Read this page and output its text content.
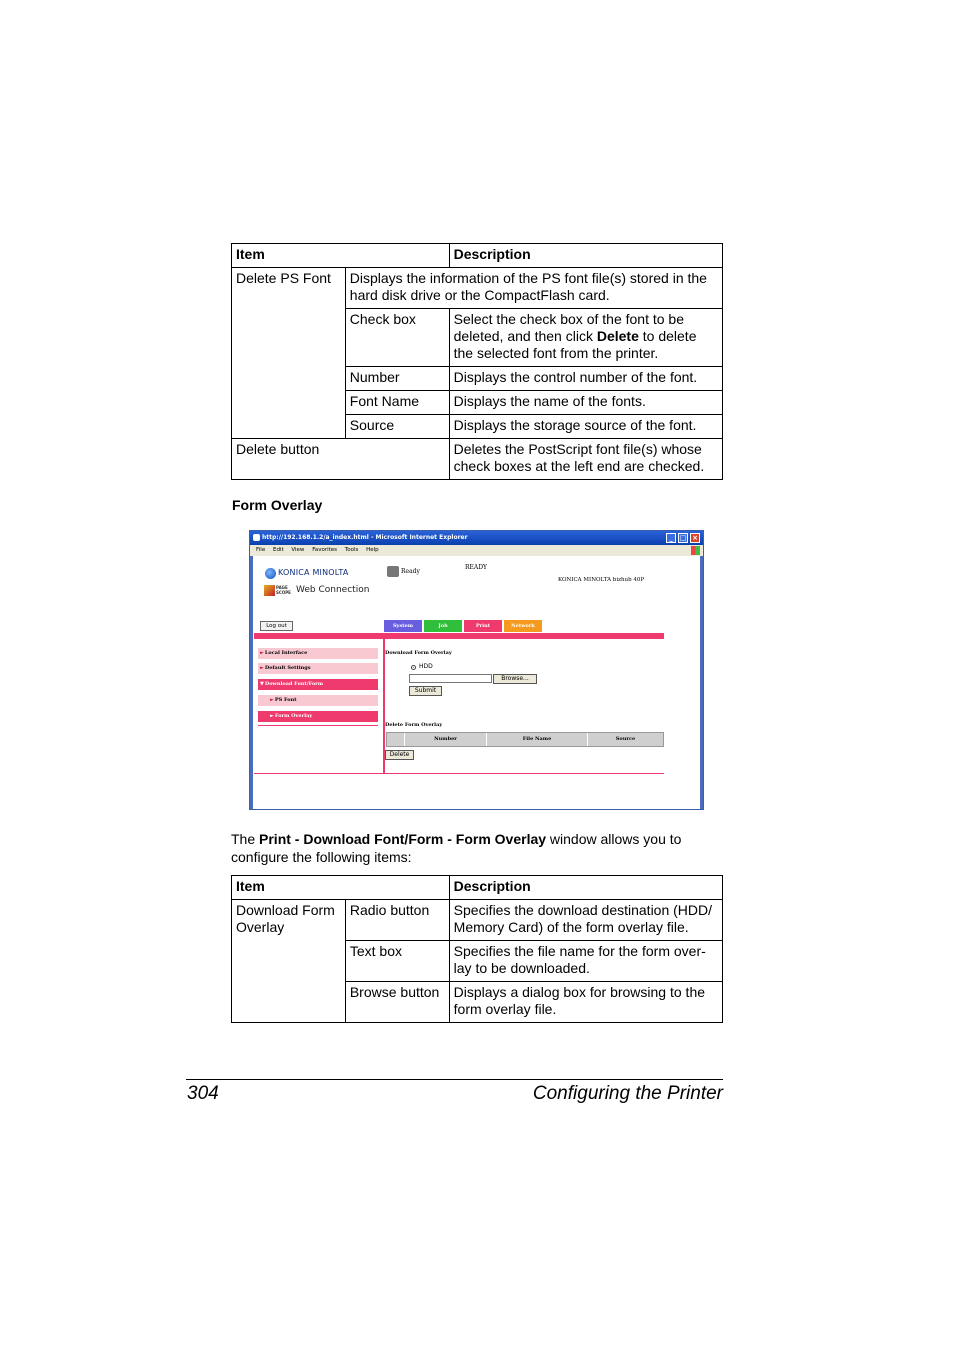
Item		Description
Delete PS Font	Displays the information of the PS font file(s) stored in the hard disk drive or the CompactFlash card.	
	Check box	Select the check box of the font to be deleted, and then click Delete to delete the selected font from the printer.
	Number	Displays the control number of the font.
	Font Name	Displays the name of the fonts.
	Source	Displays the storage source of the font.
Delete button		Deletes the PostScript font file(s) whose check boxes at the left end are checked.
Form Overlay
http://192.168.1.2/a_index.html - Microsoft Internet Explorer	_ □ ×
File Edit View Favorites Tools Help
KONICA MINOLTA
PAGE SCOPE Web Connection
Ready
READY
KONICA MINOLTA bizhub 40P
Log out	System	Job	Print	Network
►Local Interface
►Default Settings
▼Download Font/Form
►PS Font
►Form Overlay
Download Form Overlay
HDD
Browse...
Submit
Delete Form Overlay
Number	File Name	Source
Delete
The Print - Download Font/Form - Form Overlay window allows you to configure the following items:
Item		Description
Download Form Overlay	Radio button	Specifies the download destination (HDD/ Memory Card) of the form overlay file.
	Text box	Specifies the file name for the form over- lay to be downloaded.
	Browse button	Displays a dialog box for browsing to the form overlay file.
304	Configuring the Printer
